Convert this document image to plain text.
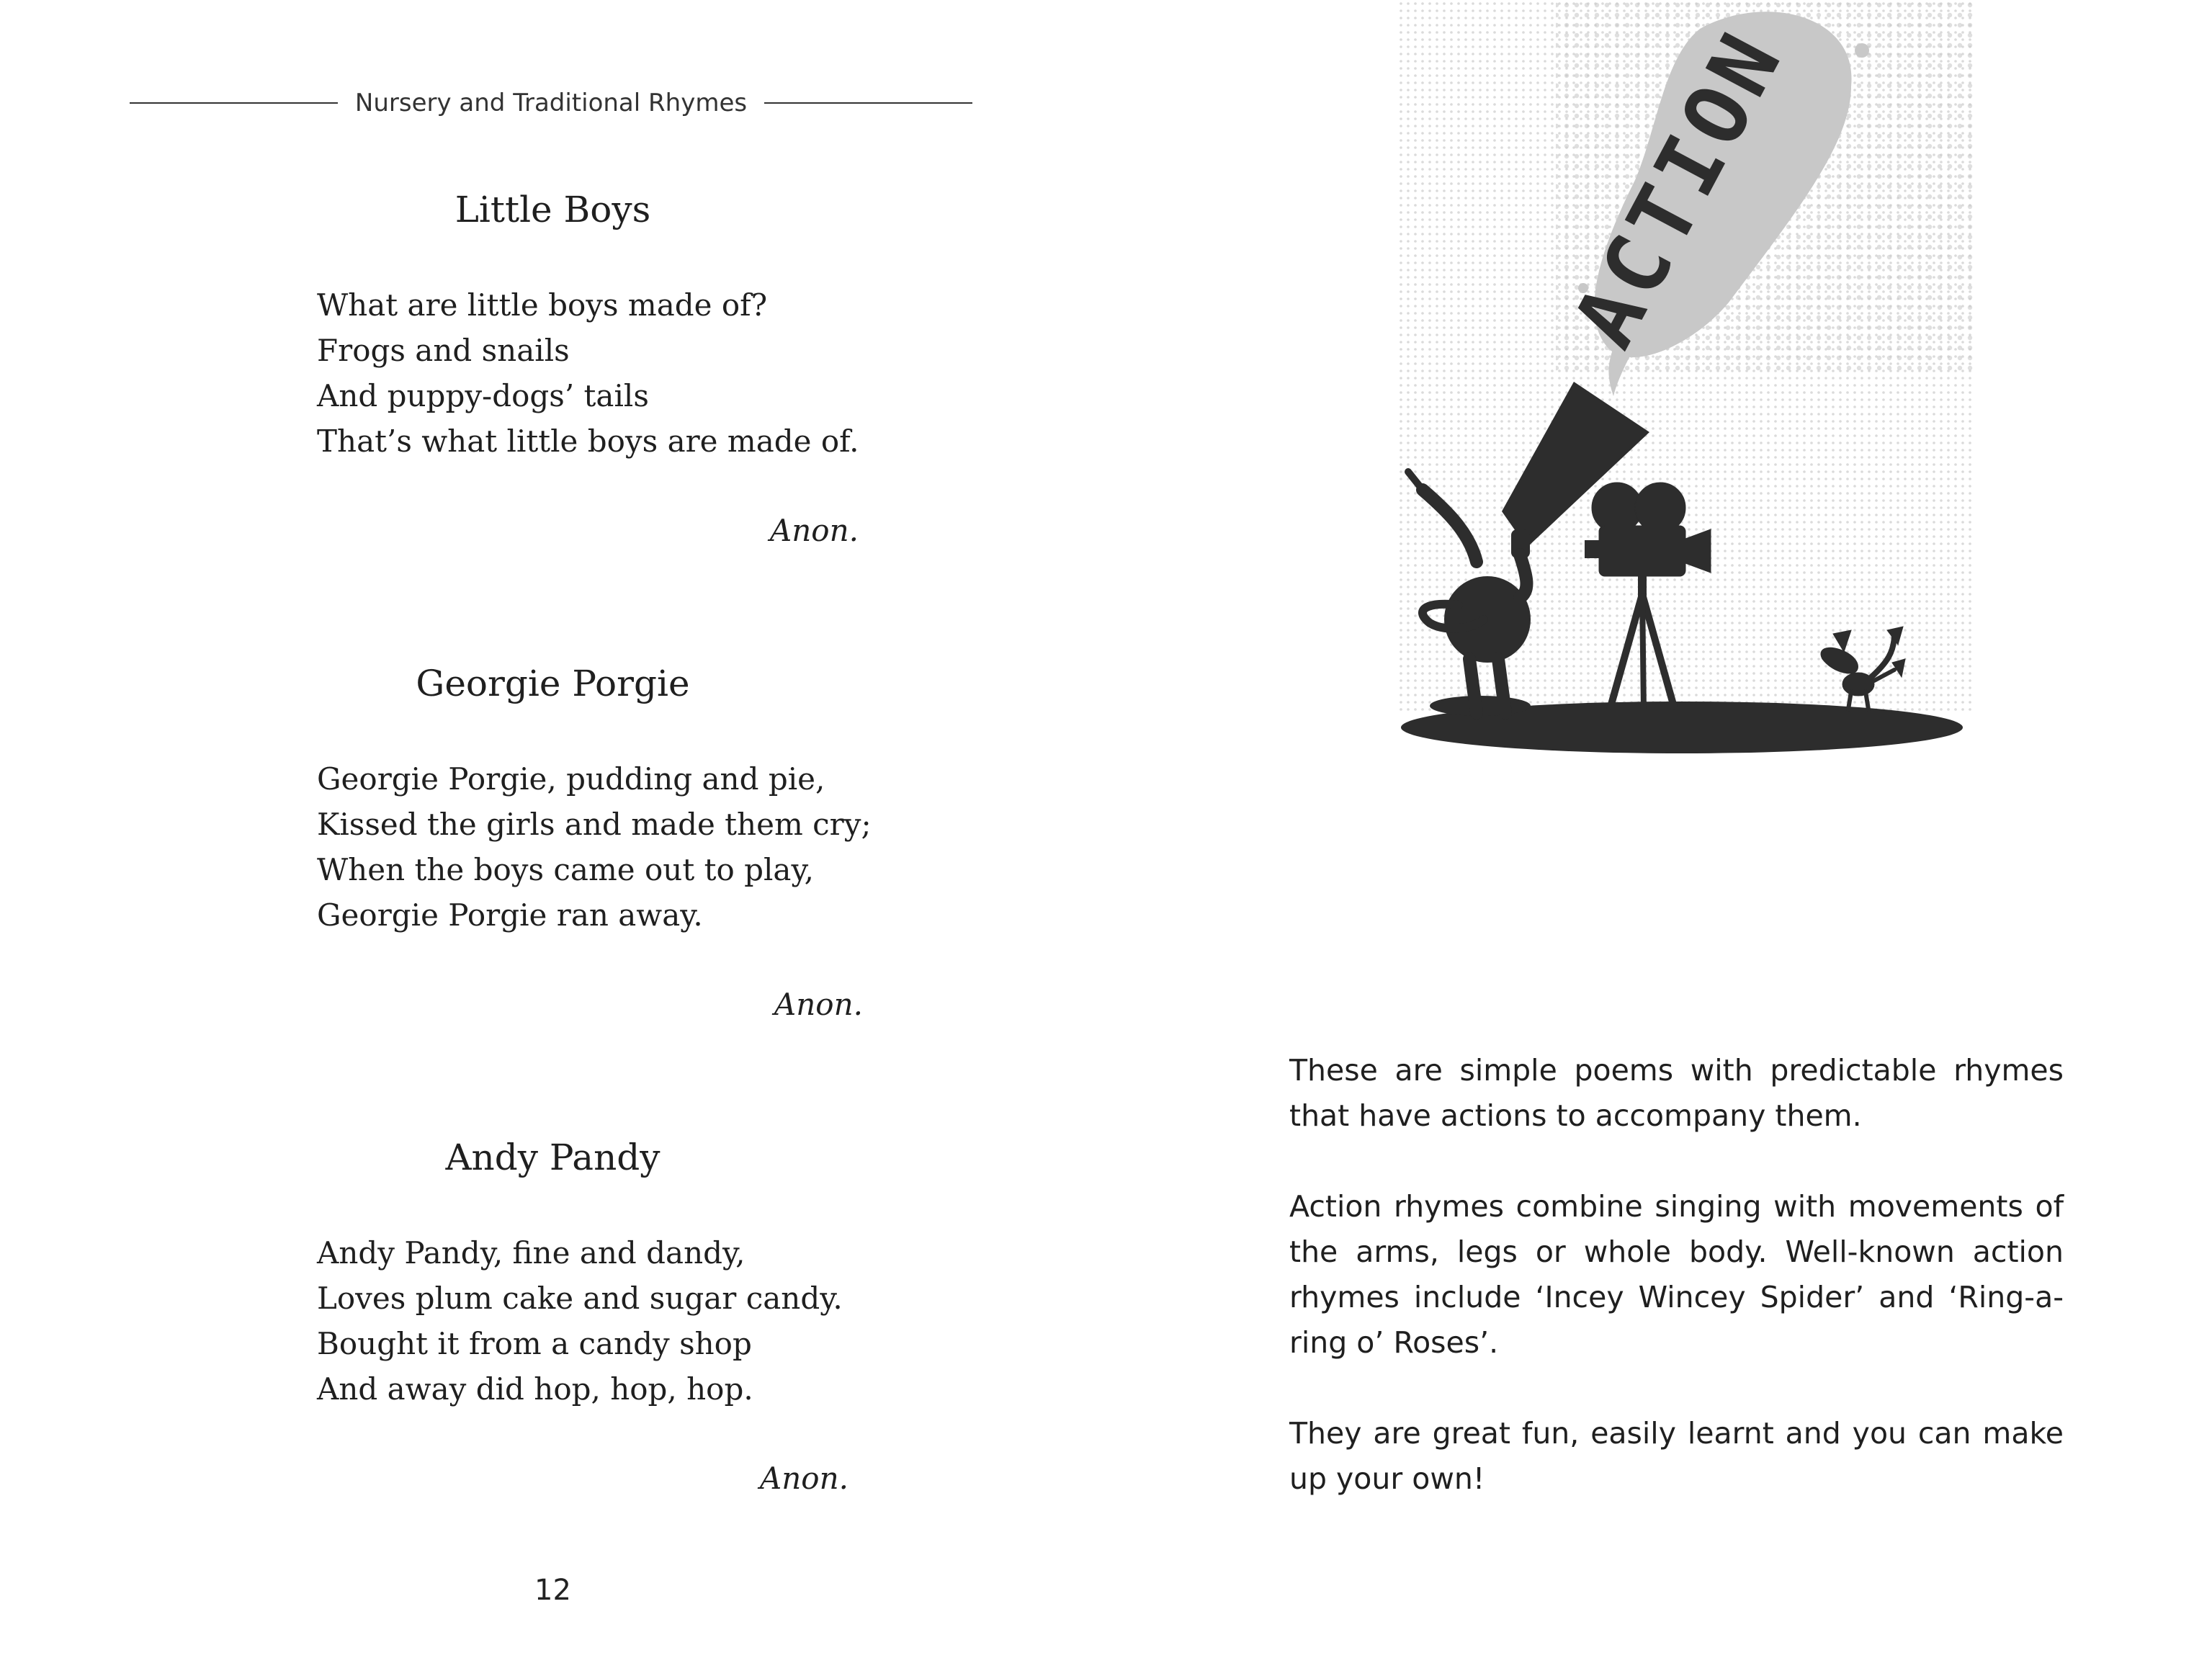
Nursery and Traditional Rhymes
Little Boys
What are little boys made of?
Frogs and snails
And puppy-dogs’ tails
That’s what little boys are made of.
Anon.
Georgie Porgie
Georgie Porgie, pudding and pie,
Kissed the girls and made them cry;
When the boys came out to play,
Georgie Porgie ran away.
Anon.
Andy Pandy
Andy Pandy, fine and dandy,
Loves plum cake and sugar candy.
Bought it from a candy shop
And away did hop, hop, hop.
Anon.
12
ACTION

These are simple poems with predictable rhymes that have actions to accompany them.

Action rhymes combine singing with movements of the arms, legs or whole body. Well-known action rhymes include ‘Incey Wincey Spider’ and ‘Ring-a-ring o’ Roses’.

They are great fun, easily learnt and you can make up your own!
